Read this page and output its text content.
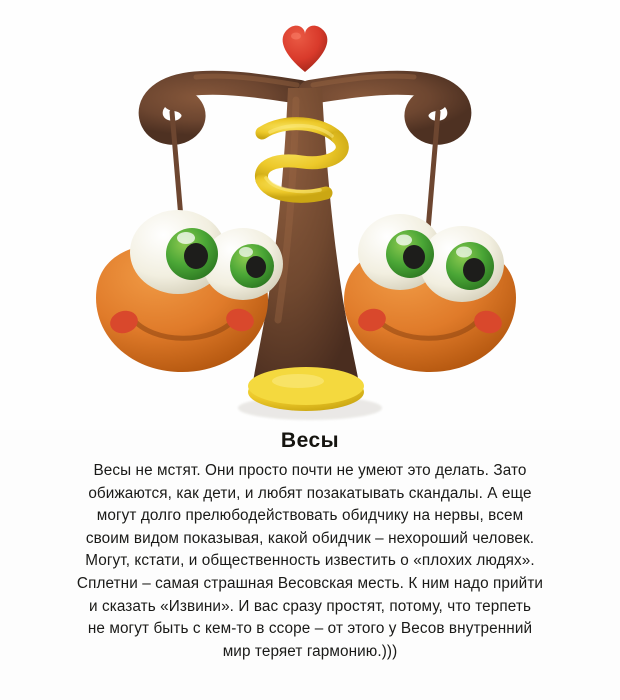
Весы

Весы не мстят. Они просто почти не умеют это делать. Зато
обижаются, как дети, и любят позакатывать скандалы. А еще
могут долго прелюбодействовать обидчику на нервы, всем
своим видом показывая, какой обидчик – нехороший человек.
Могут, кстати, и общественность известить о «плохих людях».
Сплетни – самая страшная Весовская месть. К ним надо прийти
и сказать «Извини». И вас сразу простят, потому, что терпеть
не могут быть с кем-то в ссоре – от этого у Весов внутренний
мир теряет гармонию.)))
